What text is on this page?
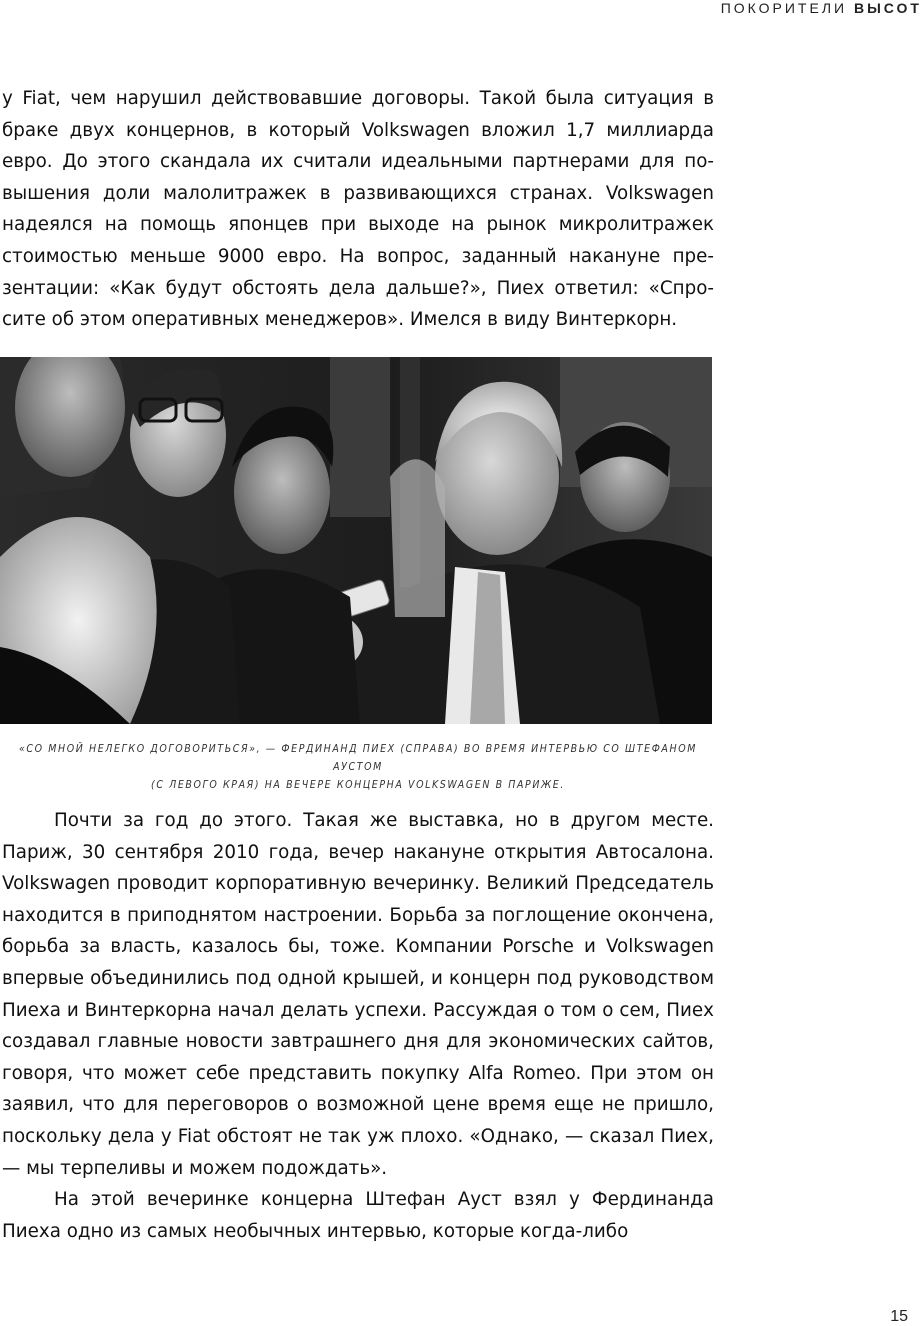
ПОКОРИТЕЛИ ВЫСОТ

у Fiat, чем нарушил действовавшие договоры. Такой была ситуация в браке двух концернов, в который Volkswagen вложил 1,7 миллиарда евро. До этого скандала их считали идеальными партнерами для повышения доли малолитражек в развивающихся странах. Volkswagen надеялся на помощь японцев при выходе на рынок микролитражек стоимостью меньше 9000 евро. На вопрос, заданный накануне презентации: «Как будут обстоять дела дальше?», Пиех ответил: «Спросите об этом оперативных менеджеров». Имелся в виду Винтеркорн.

«СО МНОЙ НЕЛЕГКО ДОГОВОРИТЬСЯ», — ФЕРДИНАНД ПИЕХ (СПРАВА) ВО ВРЕМЯ ИНТЕРВЬЮ СО ШТЕФАНОМ АУСТОМ
(С ЛЕВОГО КРАЯ) НА ВЕЧЕРЕ КОНЦЕРНА VOLKSWAGEN В ПАРИЖЕ.

Почти за год до этого. Такая же выставка, но в другом месте. Париж, 30 сентября 2010 года, вечер накануне открытия Автосалона. Volkswagen проводит корпоративную вечеринку. Великий Председатель находится в приподнятом настроении. Борьба за поглощение окончена, борьба за власть, казалось бы, тоже. Компании Porsche и Volkswagen впервые объединились под одной крышей, и концерн под руководством Пиеха и Винтеркорна начал делать успехи. Рассуждая о том о сем, Пиех создавал главные новости завтрашнего дня для экономических сайтов, говоря, что может себе представить покупку Alfa Romeo. При этом он заявил, что для переговоров о возможной цене время еще не пришло, поскольку дела у Fiat обстоят не так уж плохо. «Однако, — сказал Пиех, — мы терпеливы и можем подождать».

На этой вечеринке концерна Штефан Ауст взял у Фердинанда Пиеха одно из самых необычных интервью, которые когда-либо

15
